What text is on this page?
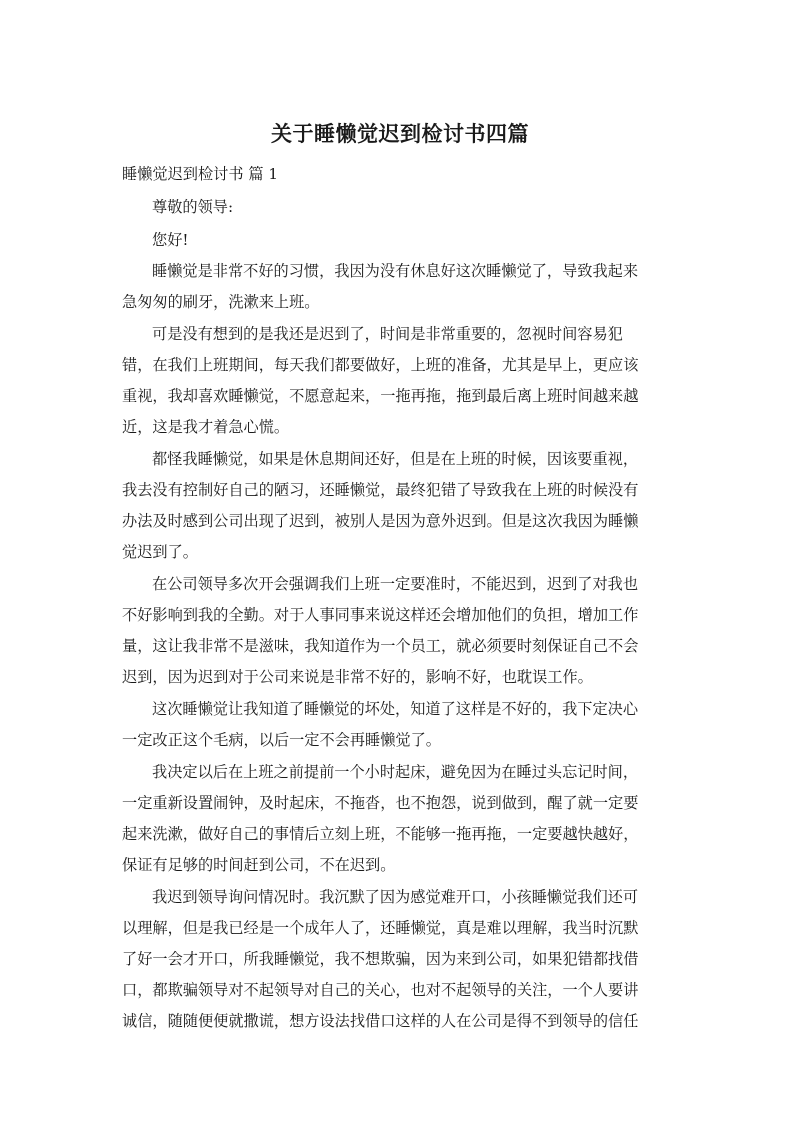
关于睡懒觉迟到检讨书四篇
睡懒觉迟到检讨书 篇 1
尊敬的领导:
您好!
睡懒觉是非常不好的习惯，我因为没有休息好这次睡懒觉了，导致我起来
急匆匆的刷牙，洗漱来上班。
可是没有想到的是我还是迟到了，时间是非常重要的，忽视时间容易犯
错，在我们上班期间，每天我们都要做好，上班的准备，尤其是早上，更应该
重视，我却喜欢睡懒觉，不愿意起来，一拖再拖，拖到最后离上班时间越来越
近，这是我才着急心慌。
都怪我睡懒觉，如果是休息期间还好，但是在上班的时候，因该要重视，
我去没有控制好自己的陋习，还睡懒觉，最终犯错了导致我在上班的时候没有
办法及时感到公司出现了迟到，被别人是因为意外迟到。但是这次我因为睡懒
觉迟到了。
在公司领导多次开会强调我们上班一定要准时，不能迟到，迟到了对我也
不好影响到我的全勤。对于人事同事来说这样还会增加他们的负担，增加工作
量，这让我非常不是滋味，我知道作为一个员工，就必须要时刻保证自己不会
迟到，因为迟到对于公司来说是非常不好的，影响不好，也耽误工作。
这次睡懒觉让我知道了睡懒觉的坏处，知道了这样是不好的，我下定决心
一定改正这个毛病，以后一定不会再睡懒觉了。
我决定以后在上班之前提前一个小时起床，避免因为在睡过头忘记时间，
一定重新设置闹钟，及时起床，不拖沓，也不抱怨，说到做到，醒了就一定要
起来洗漱，做好自己的事情后立刻上班，不能够一拖再拖，一定要越快越好，
保证有足够的时间赶到公司，不在迟到。
我迟到领导询问情况时。我沉默了因为感觉难开口，小孩睡懒觉我们还可
以理解，但是我已经是一个成年人了，还睡懒觉，真是难以理解，我当时沉默
了好一会才开口，所我睡懒觉，我不想欺骗，因为来到公司，如果犯错都找借
口，都欺骗领导对不起领导对自己的关心，也对不起领导的关注，一个人要讲
诚信，随随便便就撒谎，想方设法找借口这样的人在公司是得不到领导的信任
